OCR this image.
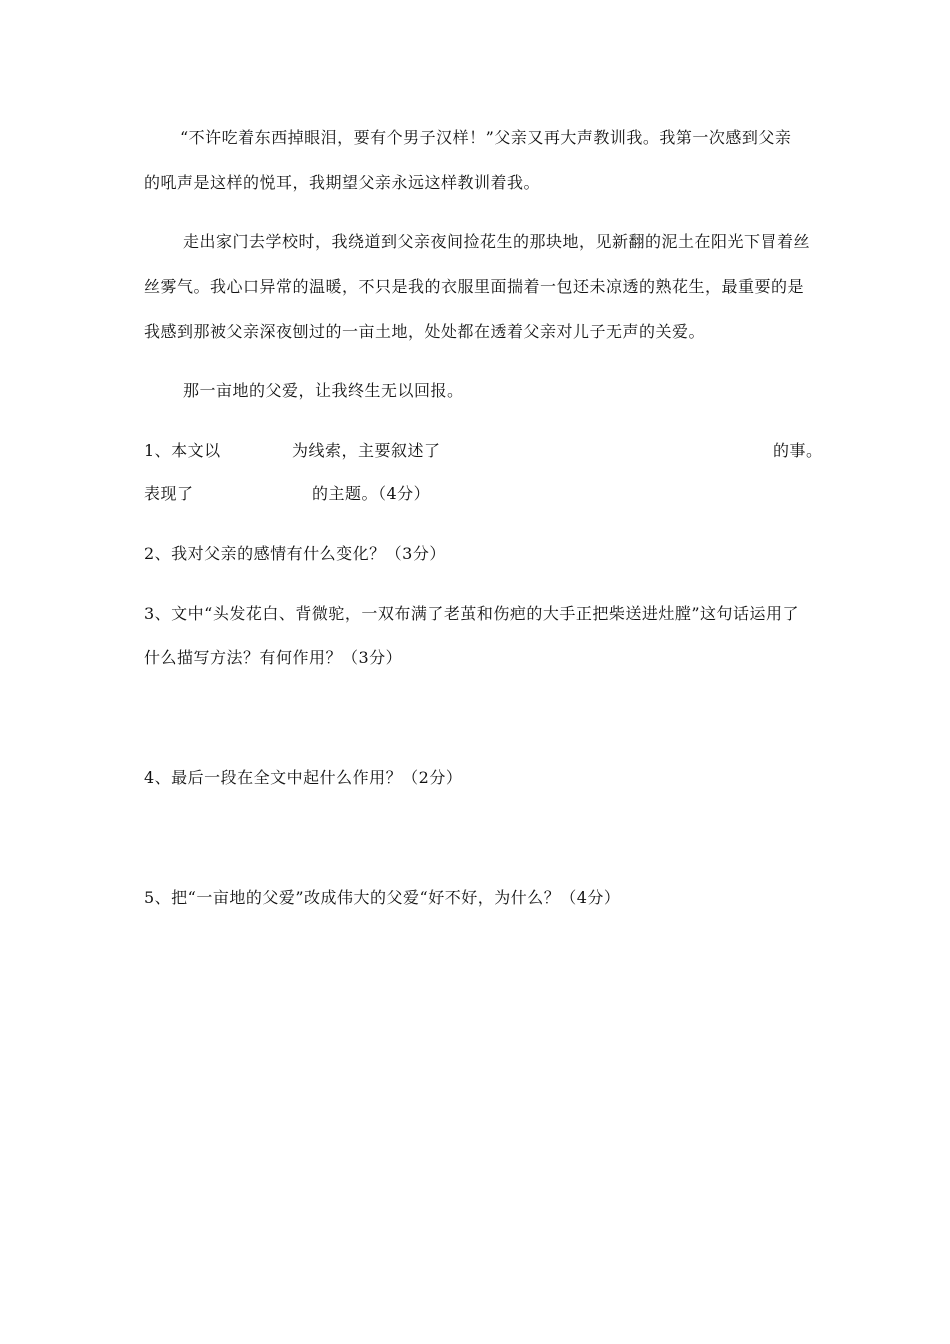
“不许吃着东西掉眼泪，要有个男子汉样！”父亲又再大声教训我。我第一次感到父亲
的吼声是这样的悦耳，我期望父亲永远这样教训着我。
走出家门去学校时，我绕道到父亲夜间捡花生的那块地，见新翻的泥土在阳光下冒着丝
丝雾气。我心口异常的温暖，不只是我的衣服里面揣着一包还未凉透的熟花生，最重要的是
我感到那被父亲深夜刨过的一亩土地，处处都在透着父亲对儿子无声的关爱。
那一亩地的父爱，让我终生无以回报。
1、本文以	为线索，主要叙述了	的事。
表现了	的主题。（4分）
2、我对父亲的感情有什么变化？（3分）
3、文中“头发花白、背微驼，一双布满了老茧和伤疤的大手正把柴送进灶膛”这句话运用了
什么描写方法？有何作用？（3分）
4、最后一段在全文中起什么作用？（2分）
5、把“一亩地的父爱”改成伟大的父爱“好不好，为什么？（4分）
